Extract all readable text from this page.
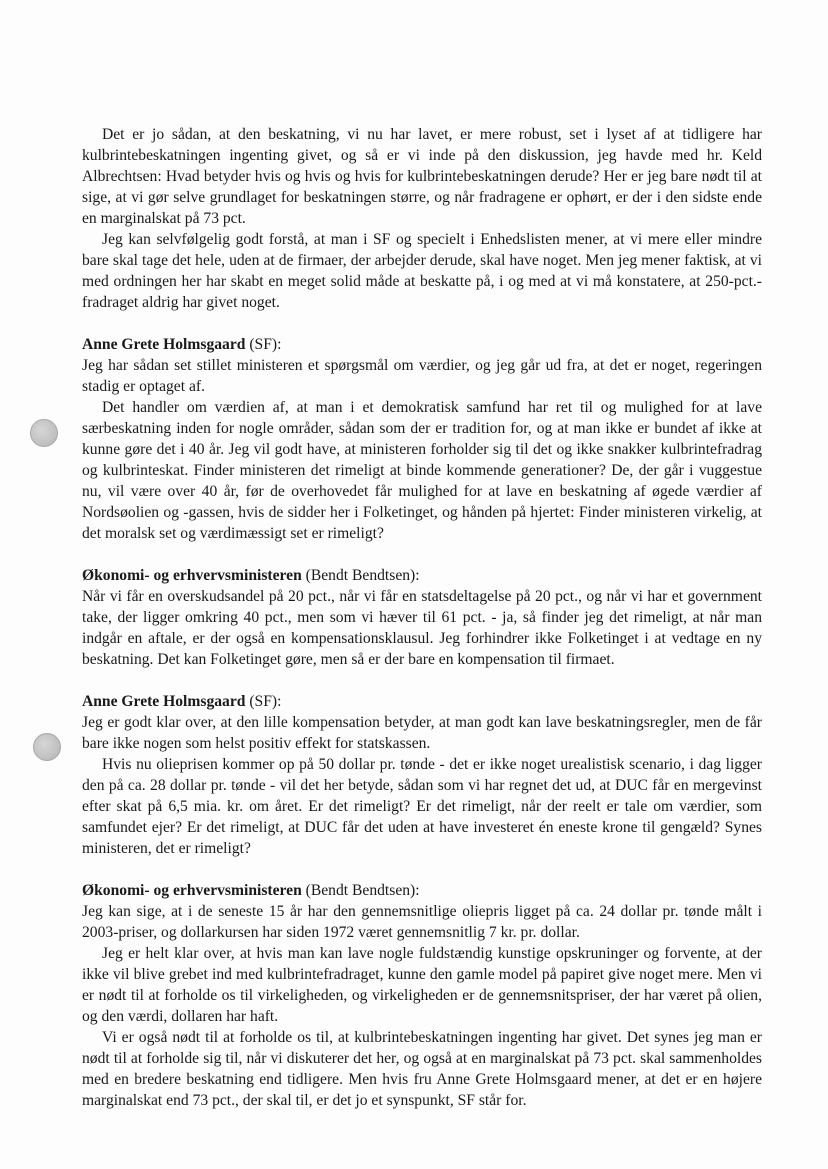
Det er jo sådan, at den beskatning, vi nu har lavet, er mere robust, set i lyset af at tidligere har kulbrintebeskatningen ingenting givet, og så er vi inde på den diskussion, jeg havde med hr. Keld Albrechtsen: Hvad betyder hvis og hvis og hvis for kulbrintebeskatningen derude? Her er jeg bare nødt til at sige, at vi gør selve grundlaget for beskatningen større, og når fradragene er ophørt, er der i den sidste ende en marginalskat på 73 pct.

Jeg kan selvfølgelig godt forstå, at man i SF og specielt i Enhedslisten mener, at vi mere eller mindre bare skal tage det hele, uden at de firmaer, der arbejder derude, skal have noget. Men jeg mener faktisk, at vi med ordningen her har skabt en meget solid måde at beskatte på, i og med at vi må konstatere, at 250-pct.-fradraget aldrig har givet noget.

Anne Grete Holmsgaard (SF):

Jeg har sådan set stillet ministeren et spørgsmål om værdier, og jeg går ud fra, at det er noget, regeringen stadig er optaget af.

Det handler om værdien af, at man i et demokratisk samfund har ret til og mulighed for at lave særbeskatning inden for nogle områder, sådan som der er tradition for, og at man ikke er bundet af ikke at kunne gøre det i 40 år. Jeg vil godt have, at ministeren forholder sig til det og ikke snakker kulbrintefradrag og kulbrinteskat. Finder ministeren det rimeligt at binde kommende generationer? De, der går i vuggestue nu, vil være over 40 år, før de overhovedet får mulighed for at lave en beskatning af øgede værdier af Nordsøolien og -gassen, hvis de sidder her i Folketinget, og hånden på hjertet: Finder ministeren virkelig, at det moralsk set og værdimæssigt set er rimeligt?

Økonomi- og erhvervsministeren (Bendt Bendtsen):

Når vi får en overskudsandel på 20 pct., når vi får en statsdeltagelse på 20 pct., og når vi har et government take, der ligger omkring 40 pct., men som vi hæver til 61 pct. - ja, så finder jeg det rimeligt, at når man indgår en aftale, er der også en kompensationsklausul. Jeg forhindrer ikke Folketinget i at vedtage en ny beskatning. Det kan Folketinget gøre, men så er der bare en kompensation til firmaet.

Anne Grete Holmsgaard (SF):

Jeg er godt klar over, at den lille kompensation betyder, at man godt kan lave beskatningsregler, men de får bare ikke nogen som helst positiv effekt for statskassen.

Hvis nu olieprisen kommer op på 50 dollar pr. tønde - det er ikke noget urealistisk scenario, i dag ligger den på ca. 28 dollar pr. tønde - vil det her betyde, sådan som vi har regnet det ud, at DUC får en mergevinst efter skat på 6,5 mia. kr. om året. Er det rimeligt? Er det rimeligt, når der reelt er tale om værdier, som samfundet ejer? Er det rimeligt, at DUC får det uden at have investeret én eneste krone til gengæld? Synes ministeren, det er rimeligt?

Økonomi- og erhvervsministeren (Bendt Bendtsen):

Jeg kan sige, at i de seneste 15 år har den gennemsnitlige oliepris ligget på ca. 24 dollar pr. tønde målt i 2003-priser, og dollarkursen har siden 1972 været gennemsnitlig 7 kr. pr. dollar.

Jeg er helt klar over, at hvis man kan lave nogle fuldstændig kunstige opskruninger og forvente, at der ikke vil blive grebet ind med kulbrintefradraget, kunne den gamle model på papiret give noget mere. Men vi er nødt til at forholde os til virkeligheden, og virkeligheden er de gennemsnitspriser, der har været på olien, og den værdi, dollaren har haft.

Vi er også nødt til at forholde os til, at kulbrintebeskatningen ingenting har givet. Det synes jeg man er nødt til at forholde sig til, når vi diskuterer det her, og også at en marginalskat på 73 pct. skal sammenholdes med en bredere beskatning end tidligere. Men hvis fru Anne Grete Holmsgaard mener, at det er en højere marginalskat end 73 pct., der skal til, er det jo et synspunkt, SF står for.
